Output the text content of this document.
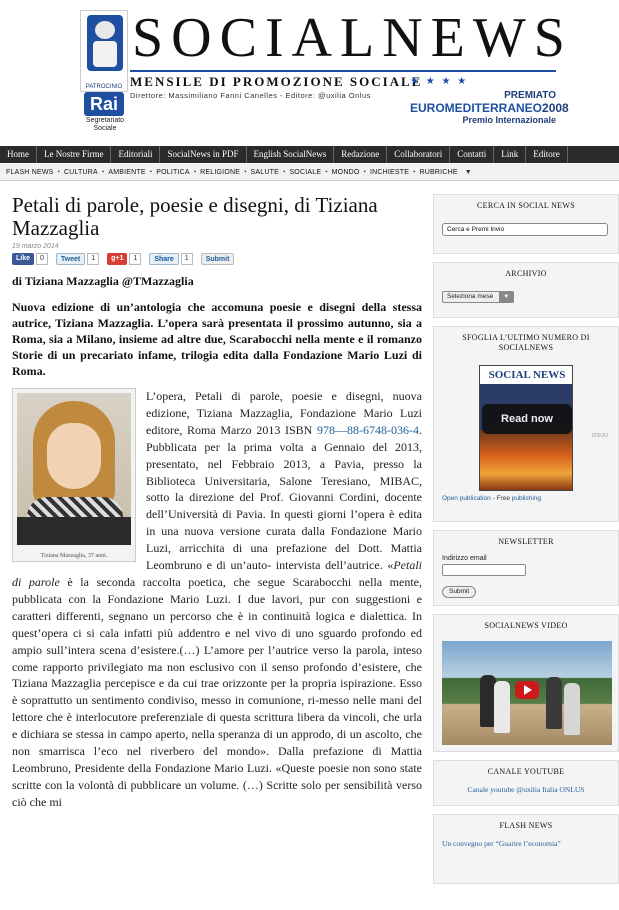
PATROCINIO
Rai
Segretariato Sociale
SOCIALNEWS
MENSILE DI PROMOZIONE SOCIALE
Direttore: Massimiliano Fanni Canelles - Editore: @uxilia Onlus
★ ★ ★ ★
PREMIATO
EUROMEDITERRANEO2008
Premio Internazionale
Home	Le Nostre Firme	Editoriali	SocialNews in PDF	English SocialNews	Redazione	Collaboratori	Contatti	Link	Editore
FLASH NEWS • CULTURA • AMBIENTE • POLITICA • RELIGIONE • SALUTE • SOCIALE • MONDO • INCHIESTE • RUBRICHE ▼
Petali di parole, poesie e disegni, di Tiziana Mazzaglia
19 marzo 2014
Like	0	Tweet	1	g+1	1	Share	1	Submit
di Tiziana Mazzaglia @TMazzaglia
Nuova edizione di un’antologia che accomuna poesie e disegni della stessa autrice, Tiziana Mazzaglia. L’opera sarà presentata il prossimo autunno, sia a Roma, sia a Milano, insieme ad altre due, Scarabocchi nella mente e il romanzo Storie di un precariato infame, trilogia edita dalla Fondazione Mario Luzi di Roma.
Tiziana Mazzaglia, 37 anni.
L’opera, Petali di parole, poesie e disegni, nuova edizione, Tiziana Mazzaglia, Fondazione Mario Luzi editore, Roma Marzo 2013 ISBN 978—88-6748-036-4. Pubblicata per la prima volta a Gennaio del 2013, presentato, nel Febbraio 2013, a Pavia, presso la Biblioteca Universitaria, Salone Teresiano, MIBAC, sotto la direzione del Prof. Giovanni Cordini, docente dell’Università di Pavia. In questi giorni l’opera è edita in una nuova versione curata dalla Fondazione Mario Luzi, arricchita di una prefazione del Dott. Mattia Leombruno e di un’auto- intervista dell’autrice. «Petali di parole è la seconda raccolta poetica, che segue Scarabocchi nella mente, pubblicata con la Fondazione Mario Luzi. I due lavori, pur con suggestioni e caratteri differenti, segnano un percorso che è in continuità logica e dialettica. In quest’opera ci si cala infatti più addentro e nel vivo di uno sguardo profondo ed ampio sull’intera scena d’esistere.(…) L’amore per l’autrice verso la parola, inteso come rapporto privilegiato ma non esclusivo con il senso profondo d’esistere, che Tiziana Mazzaglia percepisce e da cui trae orizzonte per la propria ispirazione. Esso è soprattutto un sentimento condiviso, messo in comunione, ri-messo nelle mani del lettore che è interlocutore preferenziale di questa scrittura libera da vincoli, che urla e dichiara se stessa in campo aperto, nella speranza di un approdo, di un ascolto, che non smarrisca l’eco nel riverbero del mondo». Dalla prefazione di Mattia Leombruno, Presidente della Fondazione Mario Luzi. «Queste poesie non sono state scritte con la volontà di pubblicare un volume. (…) Scritte solo per sensibilità verso ciò che mi
CERCA IN SOCIAL NEWS
Cerca e Premi Invio
ARCHIVIO
Seleziona mese	▼
SFOGLIA L’ULTIMO NUMERO DI SOCIALNEWS
SOCIAL NEWS
Read now
Open publication - Free publishing
issuu
NEWSLETTER
Indirizzo email
Submit
SOCIALNEWS VIDEO
CANALE YOUTUBE
Canale youtube @uxilia Italia ONLUS
FLASH NEWS
Un convegno per “Guarire l’economia”
